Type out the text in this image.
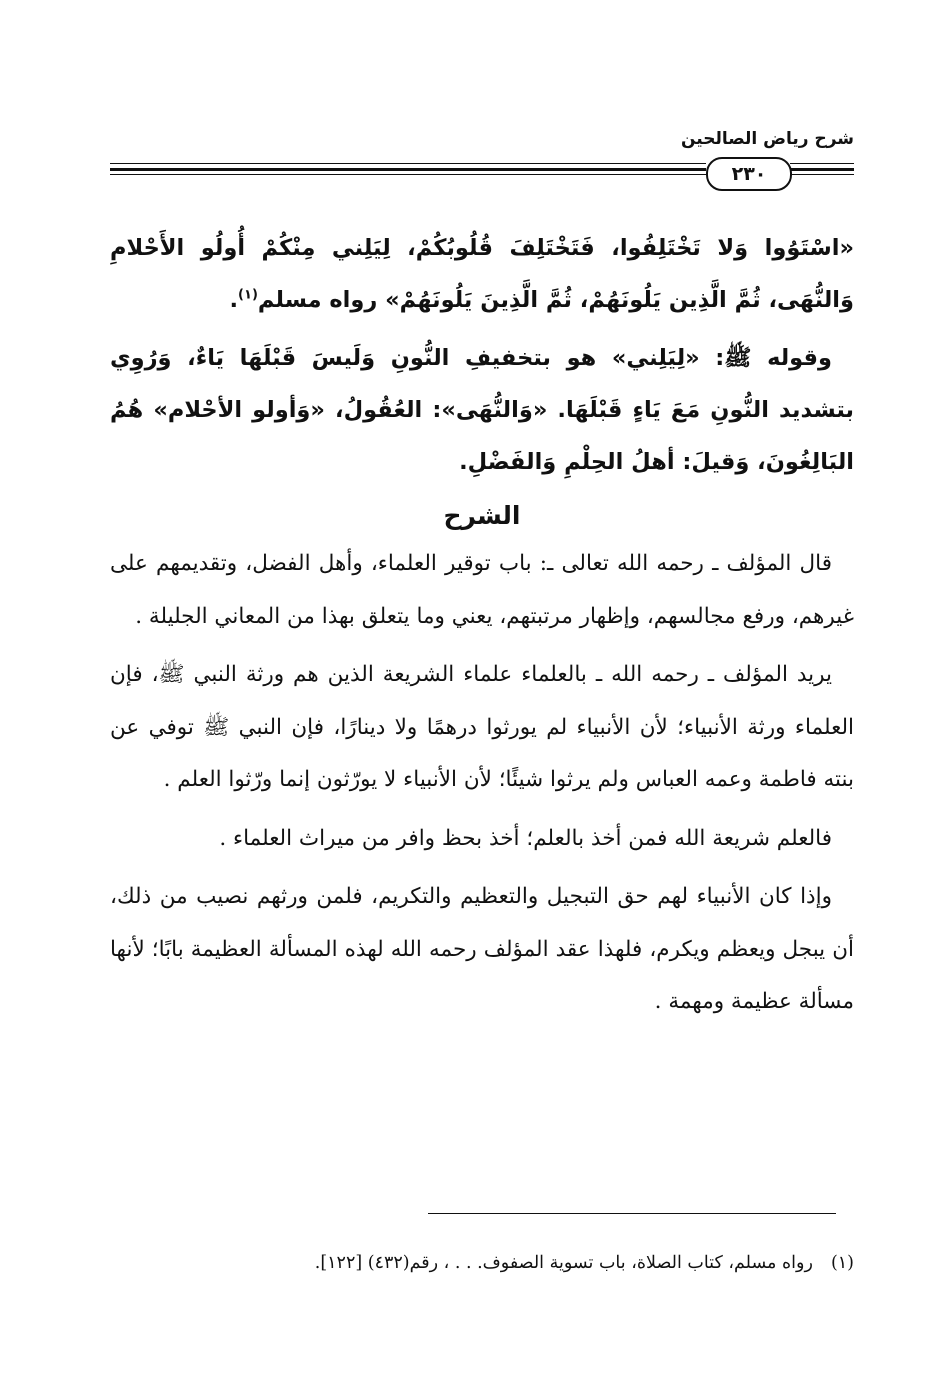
شرح رياض الصالحين
٢٣٠

«اسْتَوُوا وَلا تَخْتَلِفُوا، فَتَخْتَلِفَ قُلُوبُكُمْ، لِيَلِني مِنْكُمْ أُولُو الأَحْلامِ وَالنُّهَى، ثُمَّ الَّذِين يَلُونَهُمْ، ثُمَّ الَّذِينَ يَلُونَهُمْ» رواه مسلم$^{(١)}$.

وقوله ﷺ: «لِيَلِني» هو بتخفيفِ النُّونِ وَلَيسَ قَبْلَهَا يَاءٌ، وَرُوِي بتشديد النُّونِ مَعَ يَاءٍ قَبْلَهَا. «وَالنُّهَى»: العُقُولُ، «وَأولو الأحْلام» هُمُ البَالِغُونَ، وَقيلَ: أهلُ الحِلْمِ وَالفَضْلِ.

الشرح

قال المؤلف ـ رحمه الله تعالى ـ: باب توقير العلماء، وأهل الفضل، وتقديمهم على غيرهم، ورفع مجالسهم، وإظهار مرتبتهم، يعني وما يتعلق بهذا من المعاني الجليلة .

يريد المؤلف ـ رحمه الله ـ بالعلماء علماء الشريعة الذين هم ورثة النبي ﷺ، فإن العلماء ورثة الأنبياء؛ لأن الأنبياء لم يورثوا درهمًا ولا دينارًا، فإن النبي ﷺ توفي عن بنته فاطمة وعمه العباس ولم يرثوا شيئًا؛ لأن الأنبياء لا يورّثون إنما ورّثوا العلم .

فالعلم شريعة الله فمن أخذ بالعلم؛ أخذ بحظ وافر من ميراث العلماء .

وإذا كان الأنبياء لهم حق التبجيل والتعظيم والتكريم، فلمن ورثهم نصيب من ذلك، أن يبجل ويعظم ويكرم، فلهذا عقد المؤلف رحمه الله لهذه المسألة العظيمة بابًا؛ لأنها مسألة عظيمة ومهمة .

(١)رواه مسلم، كتاب الصلاة، باب تسوية الصفوف. . . ، رقم(٤٣٢) [١٢٢].
